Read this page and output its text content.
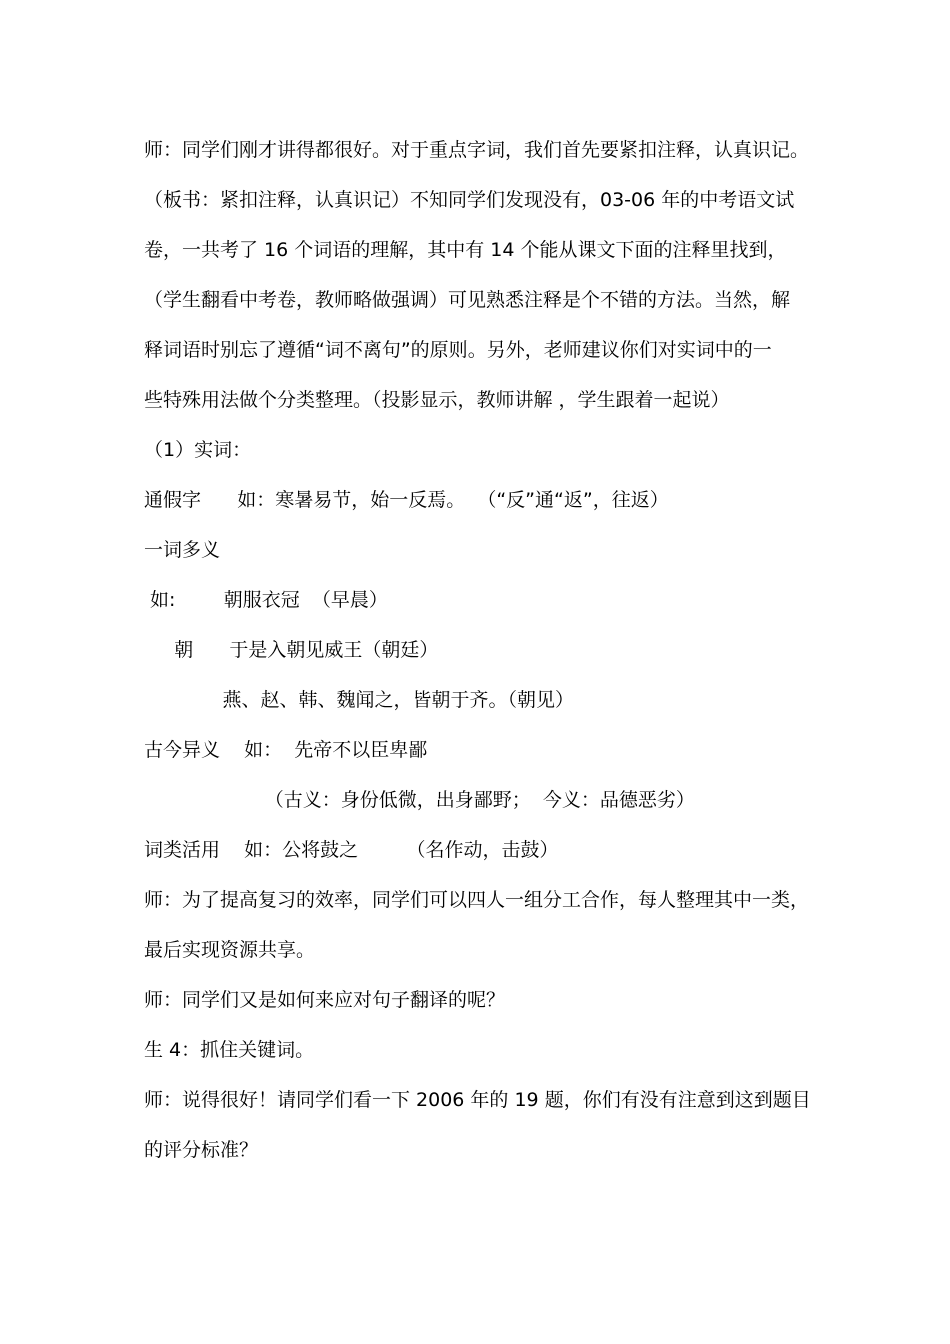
师：同学们刚才讲得都很好。对于重点字词，我们首先要紧扣注释，认真识记。
（板书：紧扣注释，认真识记）不知同学们发现没有，03-06 年的中考语文试
卷，一共考了 16 个词语的理解，其中有 14 个能从课文下面的注释里找到，
（学生翻看中考卷，教师略做强调）可见熟悉注释是个不错的方法。当然，解
释词语时别忘了遵循“词不离句”的原则。另外，老师建议你们对实词中的一
些特殊用法做个分类整理。（投影显示，教师讲解 ，学生跟着一起说）
（1）实词：
通假字      如：寒暑易节，始一反焉。  （“反”通“返”，往返）
一词多义
如:        朝服衣冠  （早晨）
朝      于是入朝见威王（朝廷）
燕、赵、韩、魏闻之，皆朝于齐。（朝见）
古今异义    如：  先帝不以臣卑鄙
（古义：身份低微，出身鄙野；  今义：品德恶劣）
词类活用    如：公将鼓之        （名作动，击鼓）
师：为了提高复习的效率，同学们可以四人一组分工合作，每人整理其中一类，
最后实现资源共享。
师：同学们又是如何来应对句子翻译的呢？
生 4：抓住关键词。
师：说得很好！请同学们看一下 2006 年的 19 题，你们有没有注意到这到题目
的评分标准？
